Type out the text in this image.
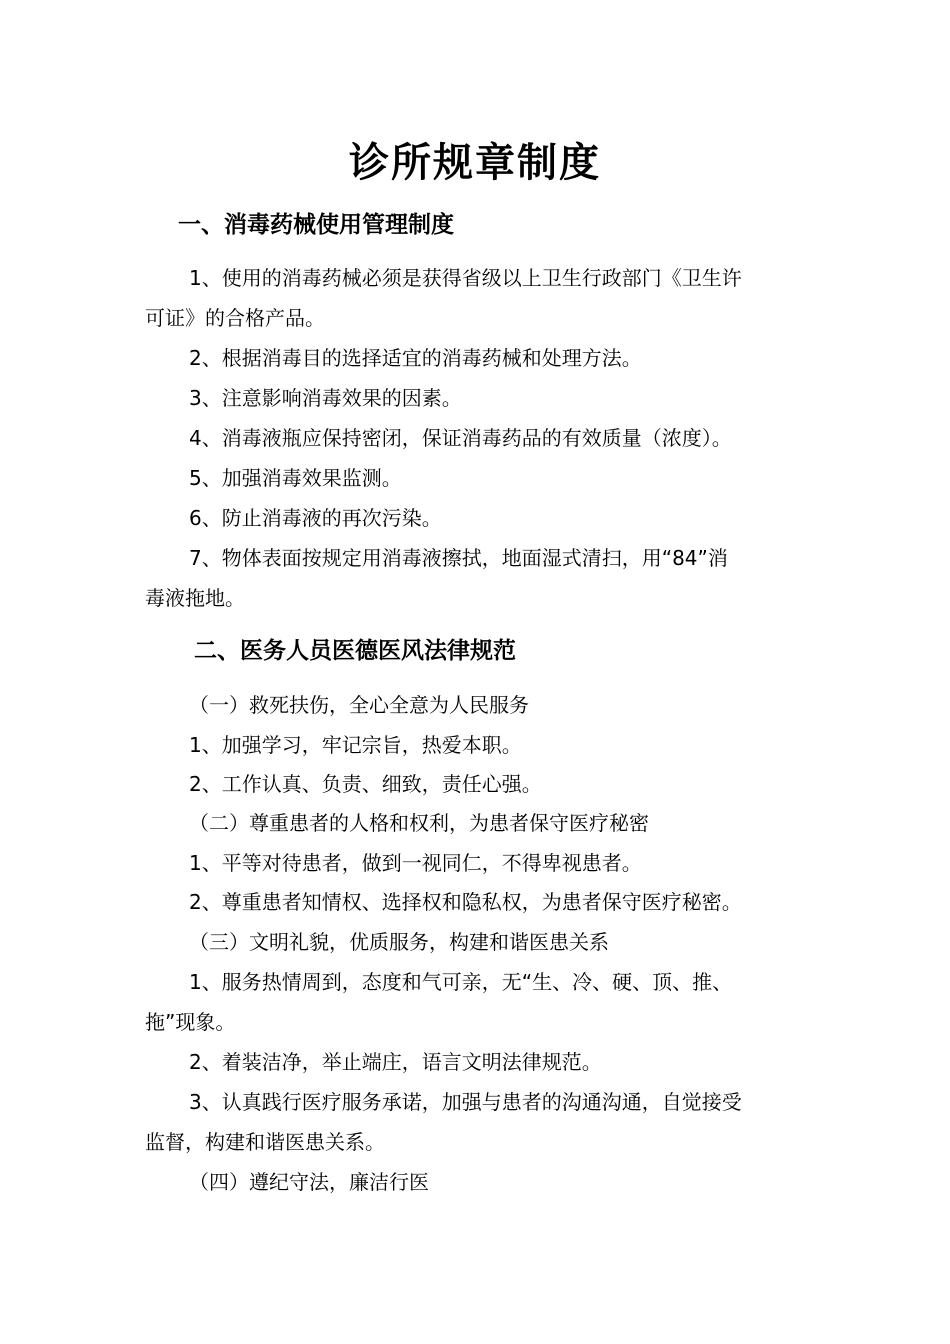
诊所规章制度
一、消毒药械使用管理制度
1、使用的消毒药械必须是获得省级以上卫生行政部门《卫生许
可证》的合格产品。
2、根据消毒目的选择适宜的消毒药械和处理方法。
3、注意影响消毒效果的因素。
4、消毒液瓶应保持密闭，保证消毒药品的有效质量（浓度）。
5、加强消毒效果监测。
6、防止消毒液的再次污染。
7、物体表面按规定用消毒液擦拭，地面湿式清扫，用“84”消
毒液拖地。
二、医务人员医德医风法律规范
（一）救死扶伤，全心全意为人民服务
1、加强学习，牢记宗旨，热爱本职。
2、工作认真、负责、细致，责任心强。
（二）尊重患者的人格和权利，为患者保守医疗秘密
1、平等对待患者，做到一视同仁，不得卑视患者。
2、尊重患者知情权、选择权和隐私权，为患者保守医疗秘密。
（三）文明礼貌，优质服务，构建和谐医患关系
1、服务热情周到，态度和气可亲，无“生、冷、硬、顶、推、
拖”现象。
2、着装洁净，举止端庄，语言文明法律规范。
3、认真践行医疗服务承诺，加强与患者的沟通沟通，自觉接受
监督，构建和谐医患关系。
（四）遵纪守法，廉洁行医
